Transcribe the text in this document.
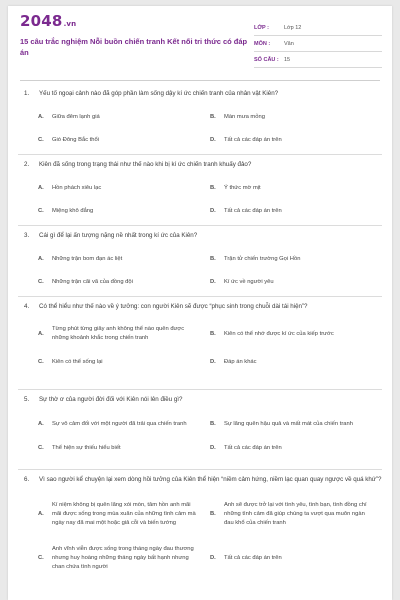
2048.vn
15 câu trắc nghiệm Nỗi buồn chiến tranh Kết nối tri thức có đáp án
LỚP :	Lớp 12
MÔN :	Văn
SỐ CÂU : 15
1.	Yếu tố ngoại cảnh nào đã góp phần làm sống dậy kí ức chiến tranh của nhân vật Kiên?
A.	Giữa đêm lạnh giá	B.	Màn mưa mỏng
C.	Gió Đông Bắc thổi	D.	Tất cả các đáp án trên
2.	Kiên đã sống trong trạng thái như thế nào khi bị kí ức chiến tranh khuấy đảo?
A.	Hồn phách xiêu lạc	B.	Ý thức mờ mịt
C.	Miệng khô đắng	D.	Tất cả các đáp án trên
3.	Cái gì để lại ấn tượng nặng nề nhất trong kí ức của Kiên?
A.	Những trận bom đạn ác liệt	B.	Trận tử chiến trường Gọi Hồn
C.	Những trận cãi vã của đồng đội	D.	Kí ức về người yêu
4.	Có thể hiểu như thế nào về ý tưởng: con người Kiên sẽ được “phục sinh trong chuỗi dài tái hiện”?
A.
Từng phút từng giây anh không thể nào quên được những khoảnh khắc trong chiến tranh
B.	Kiên có thể nhớ được kí ức của kiếp trước
C.	Kiên có thể sống lại	D.	Đáp án khác
5.	Sự thờ ơ của người đời đối với Kiên nói lên điều gì?
A.	Sự vô cảm đối với một người đã trải qua chiến tranh	B.	Sự lãng quên hậu quả và mất mát của chiến tranh
C.	Thể hiện sự thiếu hiểu biết	D.	Tất cả các đáp án trên
6.	Vì sao người kể chuyện lại xem dòng hồi tưởng của Kiên thể hiện “niềm cảm hứng, niềm lạc quan quay ngược về quá khứ”?
A.
Kí niệm không bị quên lãng xói mòn, tâm hồn anh mãi mãi được sống trong mùa xuân của những tình cảm mà ngày nay đã mai một hoặc giả cỗi và biến tướng
B.
Anh sẽ được trở lại với tình yêu, tình bạn, tình đồng chí những tình cảm đã giúp chúng ta vượt qua muôn ngàn đau khổ của chiến tranh
C.
Anh vĩnh viễn được sống trong tháng ngày đau thương nhưng huy hoàng những tháng ngày bất hạnh nhưng chan chứa tình người
D.	Tất cả các đáp án trên
